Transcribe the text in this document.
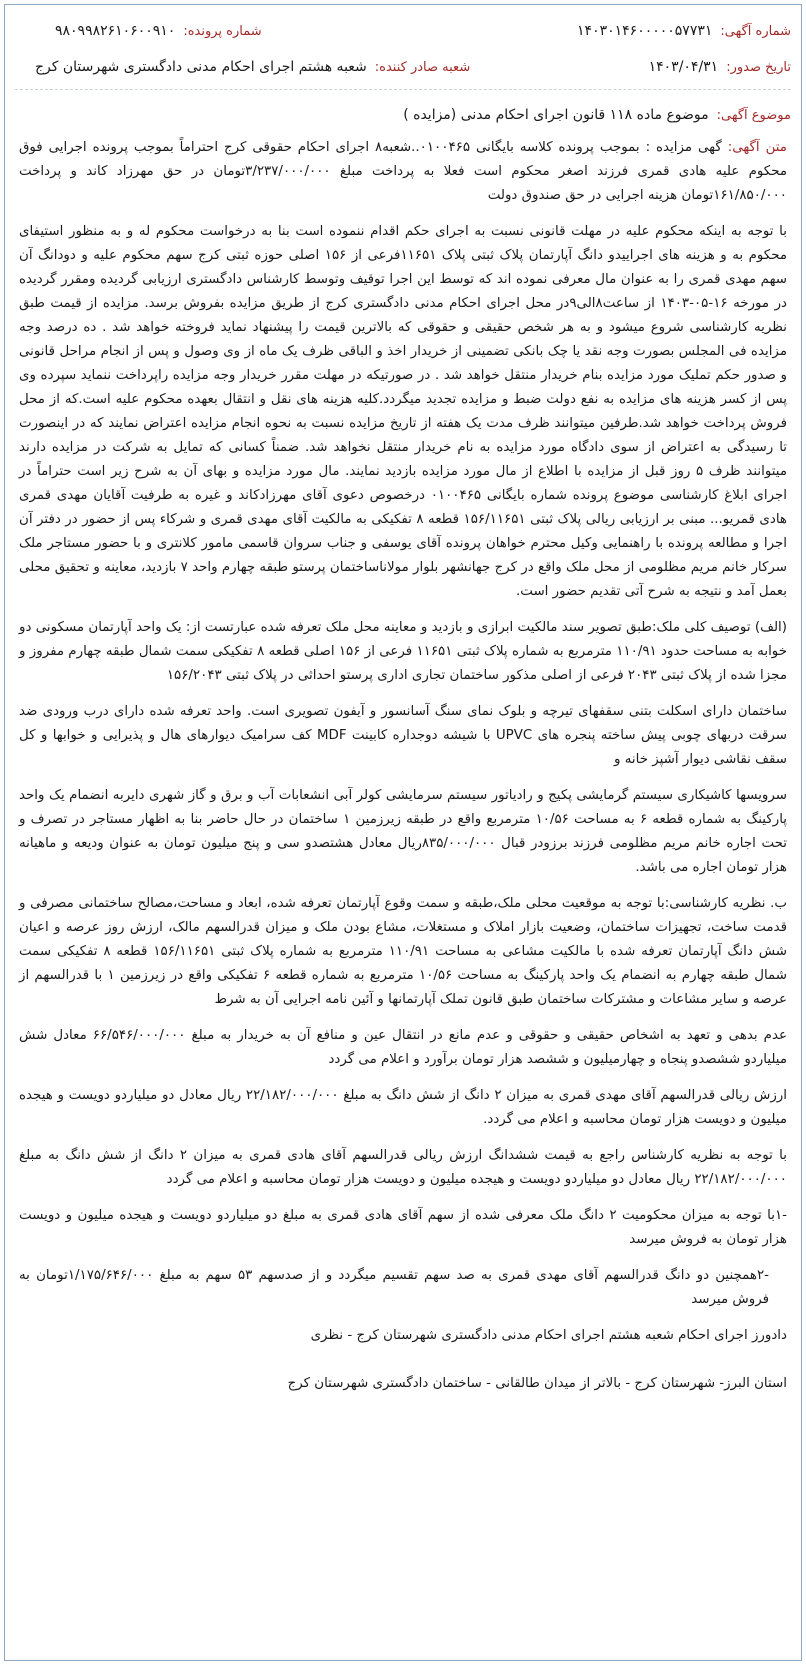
شماره آگهی:
۱۴۰۳۰۱۴۶۰۰۰۰۰۵۷۷۳۱
شماره پرونده:
۹۸۰۹۹۸۲۶۱۰۶۰۰۹۱۰
تاریخ صدور:
۱۴۰۳/۰۴/۳۱
شعبه صادر کننده:
شعبه هشتم اجرای احکام مدنی دادگستری شهرستان کرج
موضوع آگهی:
موضوع ماده ۱۱۸ قانون اجرای احکام مدنی (مزایده )

متن آگهی: گهی مزایده : بموجب پرونده کلاسه بایگانی ۰۱۰۰۴۶۵..شعبه۸ اجرای احکام حقوقی کرج احتراماً بموجب پرونده اجرایی فوق محکوم علیه هادی قمری فرزند اصغر محکوم است فعلا به پرداخت مبلغ ۳/۲۳۷/۰۰۰/۰۰۰تومان در حق مهرزاد کاند و پرداخت ۱۶۱/۸۵۰/۰۰۰تومان هزینه اجرایی در حق صندوق دولت

با توجه به اینکه محکوم علیه در مهلت قانونی نسبت به اجرای حکم اقدام ننموده است بنا به درخواست محکوم له و به منظور استیفای محکوم به و هزینه های اجراییدو دانگ آپارتمان پلاک ثبتی پلاک ۱۱۶۵۱فرعی از ۱۵۶ اصلی حوزه ثبتی کرج سهم محکوم علیه و دودانگ آن سهم مهدی قمری را به عنوان مال معرفی نموده اند که توسط این اجرا توقیف وتوسط کارشناس دادگستری ارزیابی گردیده ومقرر گردیده در مورخه ۱۶-۰۵-۱۴۰۳ از ساعت۸الی۹در محل اجرای احکام مدنی دادگستری کرج از طریق مزایده بفروش برسد. مزایده از قیمت طبق نظریه کارشناسی شروع میشود و به هر شخص حقیقی و حقوقی که بالاترین قیمت را پیشنهاد نماید فروخته خواهد شد . ده درصد وجه مزایده فی المجلس بصورت وجه نقد یا چک بانکی تضمینی از خریدار اخذ و الباقی ظرف یک ماه از وی وصول و پس از انجام مراحل قانونی و صدور حکم تملیک مورد مزایده بنام خریدار منتقل خواهد شد . در صورتیکه در مهلت مقرر خریدار وجه مزایده راپرداخت ننماید سپرده وی پس از کسر هزینه های مزایده به نفع دولت ضبط و مزایده تجدید میگردد.کلیه هزینه های نقل و انتقال بعهده محکوم علیه است.که از محل فروش پرداخت خواهد شد.طرفین میتوانند ظرف مدت یک هفته از تاریخ مزایده نسبت به نحوه انجام مزایده اعتراض نمایند که در اینصورت تا رسیدگی به اعتراض از سوی دادگاه مورد مزایده به نام خریدار منتقل نخواهد شد. ضمناً کسانی که تمایل به شرکت در مزایده دارند میتوانند ظرف ۵ روز قبل از مزایده با اطلاع از مال مورد مزایده بازدید نمایند. مال مورد مزایده و بهای آن به شرح زیر است حتراماً در اجرای ابلاغ کارشناسی موضوع پرونده شماره بایگانی ۰۱۰۰۴۶۵ درخصوص دعوی آقای مهرزادکاند و غیره به طرفیت آقایان مهدی قمری هادی قمریو... مبنی بر ارزیابی ریالی پلاک ثبتی ۱۵۶/۱۱۶۵۱ قطعه ۸ تفکیکی به مالکیت آقای مهدی قمری و شرکاء پس از حضور در دفتر آن اجرا و مطالعه پرونده با راهنمایی وکیل محترم خواهان پرونده آقای یوسفی و جناب سروان قاسمی مامور کلانتری و با حضور مستاجر ملک سرکار خانم مریم مظلومی از محل ملک واقع در کرج جهانشهر بلوار مولاناساختمان پرستو طبقه چهارم واحد ۷ بازدید، معاینه و تحقیق محلی بعمل آمد و نتیجه به شرح آتی تقدیم حضور است.

(الف) توصیف کلی ملک:طبق تصویر سند مالکیت ابرازی و بازدید و معاینه محل ملک تعرفه شده عبارتست از: یک واحد آپارتمان مسکونی دو خوابه به مساحت حدود ۱۱۰/۹۱ مترمربع به شماره پلاک ثبتی ۱۱۶۵۱ فرعی از ۱۵۶ اصلی قطعه ۸ تفکیکی سمت شمال طبقه چهارم مفروز و مجزا شده از پلاک ثبتی ۲۰۴۳ فرعی از اصلی مذکور ساختمان تجاری اداری پرستو احداثی در پلاک ثبتی ۱۵۶/۲۰۴۳

ساختمان دارای اسکلت بتنی سقفهای تیرچه و بلوک نمای سنگ آسانسور و آیفون تصویری است. واحد تعرفه شده دارای درب ورودی ضد سرقت دربهای چوبی پیش ساخته پنجره های UPVC با شیشه دوجداره کابینت MDF کف سرامیک دیوارهای هال و پذیرایی و خوابها و کل سقف نقاشی دیوار آشپز خانه و

سرویسها کاشیکاری سیستم گرمایشی پکیج و رادیاتور سیستم سرمایشی کولر آبی انشعابات آب و برق و گاز شهری دایربه انضمام یک واحد پارکینگ به شماره قطعه ۶ به مساحت ۱۰/۵۶ مترمربع واقع در طبقه زیرزمین ۱ ساختمان در حال حاضر بنا به اظهار مستاجر در تصرف و تحت اجاره خانم مریم مظلومی فرزند برزودر قبال ۸۳۵/۰۰۰/۰۰۰ریال معادل هشتصدو سی و پنج میلیون تومان به عنوان ودیعه و ماهیانه هزار تومان اجاره می باشد.

ب. نظریه کارشناسی:با توجه به موقعیت محلی ملک،طبقه و سمت وقوع آپارتمان تعرفه شده، ابعاد و مساحت،مصالح ساختمانی مصرفی و قدمت ساخت، تجهیزات ساختمان، وضعیت بازار املاک و مستغلات، مشاع بودن ملک و میزان قدرالسهم مالک، ارزش روز عرصه و اعیان شش دانگ آپارتمان تعرفه شده با مالکیت مشاعی به مساحت ۱۱۰/۹۱ مترمربع به شماره پلاک ثبتی ۱۵۶/۱۱۶۵۱ قطعه ۸ تفکیکی سمت شمال طبقه چهارم به انضمام یک واحد پارکینگ به مساحت ۱۰/۵۶ مترمربع به شماره قطعه ۶ تفکیکی واقع در زیرزمین ۱ با قدرالسهم از عرصه و سایر مشاعات و مشترکات ساختمان طبق قانون تملک آپارتمانها و آئین نامه اجرایی آن به شرط

عدم بدهی و تعهد به اشخاص حقیقی و حقوقی و عدم مانع در انتقال عین و منافع آن به خریدار به مبلغ ۶۶/۵۴۶/۰۰۰/۰۰۰ معادل شش میلیاردو ششصدو پنجاه و چهارمیلیون و ششصد هزار تومان برآورد و اعلام می گردد

ارزش ریالی قدرالسهم آقای مهدی قمری به میزان ۲ دانگ از شش دانگ به مبلغ ۲۲/۱۸۲/۰۰۰/۰۰۰ ریال معادل دو میلیاردو دویست و هیجده میلیون و دویست هزار تومان محاسبه و اعلام می گردد.

با توجه به نظریه کارشناس راجع به قیمت ششدانگ ارزش ریالی قدرالسهم آقای هادی قمری به میزان ۲ دانگ از شش دانگ به مبلغ ۲۲/۱۸۲/۰۰۰/۰۰۰ ریال معادل دو میلیاردو دویست و هیجده میلیون و دویست هزار تومان محاسبه و اعلام می گردد

-۱با توجه به میزان محکومیت ۲ دانگ ملک معرفی شده از سهم آقای هادی قمری به مبلغ دو میلیاردو دویست و هیجده میلیون و دویست هزار تومان به فروش میرسد

-۲همچنین دو دانگ قدرالسهم آقای مهدی قمری به صد سهم تقسیم میگردد و از صدسهم ۵۳ سهم به مبلغ ۱/۱۷۵/۶۴۶/۰۰۰تومان به فروش میرسد

دادورز اجرای احکام شعبه هشتم اجرای احکام مدنی دادگستری شهرستان کرج - نظری
استان البرز- شهرستان کرج - بالاتر از میدان طالقانی - ساختمان دادگستری شهرستان کرج
